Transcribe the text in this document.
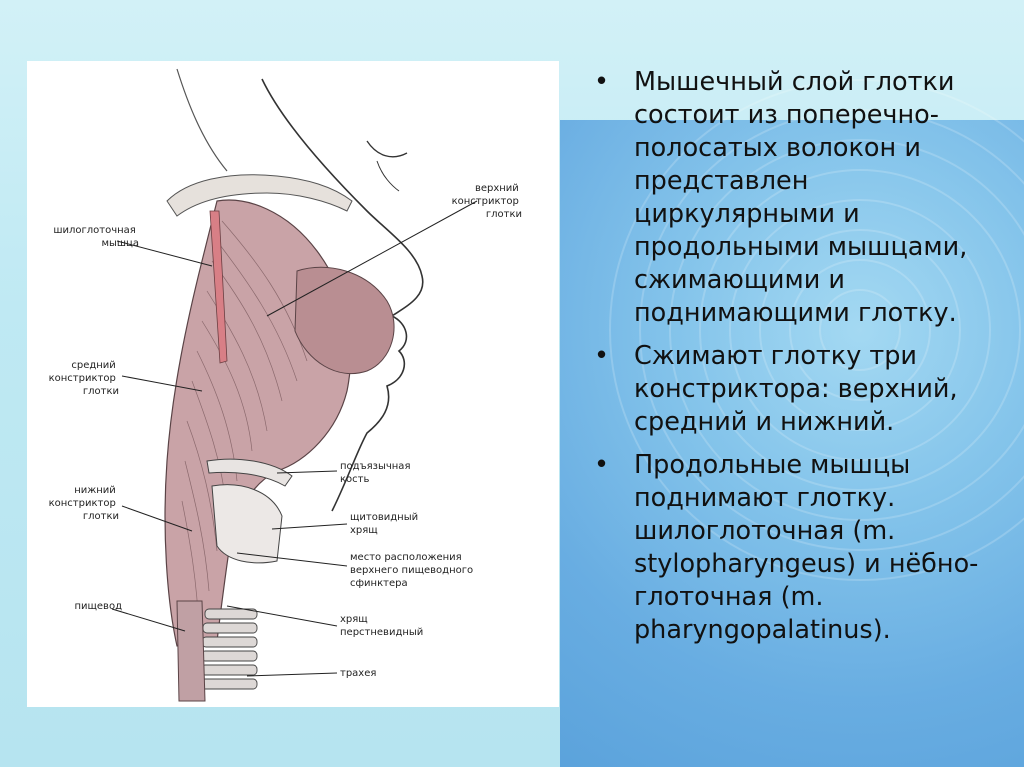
верхний констриктор глотки
шилоглоточная мышца
средний констриктор глотки
подъязычная кость
нижний констриктор глотки	щитовидный хрящ
место расположения верхнего пищеводного сфинктера
пищевод
хрящ перстневидный
трахея
• Мышечный слой глотки состоит из поперечно-полосатых волокон и представлен циркулярными и продольными мышцами, сжимающими и поднимающими глотку.
• Сжимают глотку три констриктора: верхний, средний и нижний.
• Продольные мышцы поднимают глотку. шилоглоточная (m. stylopharyngeus) и нёбно-глоточная (m. pharyngopalatinus).
